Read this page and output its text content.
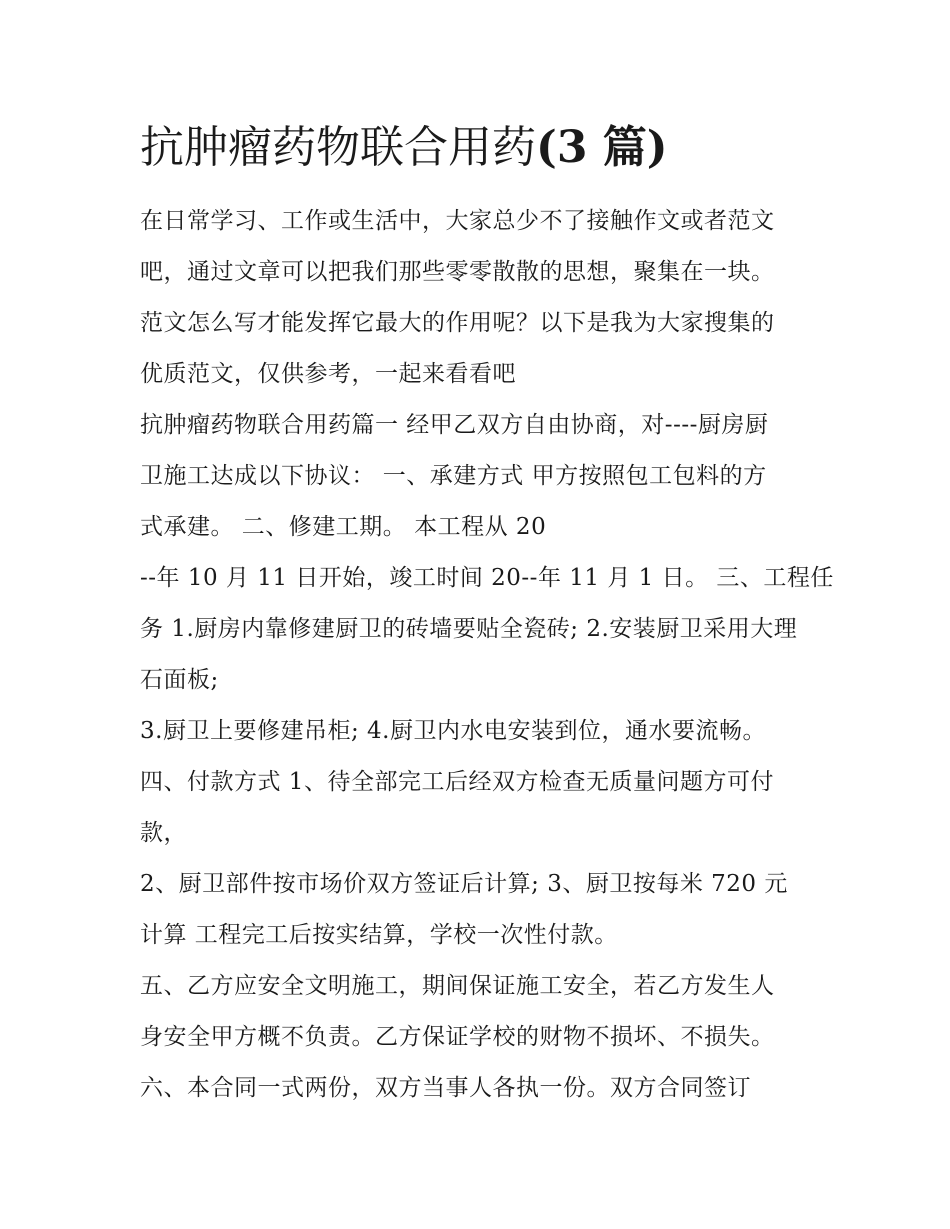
抗肿瘤药物联合用药(3 篇)

在日常学习、工作或生活中，大家总少不了接触作文或者范文

吧，通过文章可以把我们那些零零散散的思想，聚集在一块。

范文怎么写才能发挥它最大的作用呢？以下是我为大家搜集的

优质范文，仅供参考，一起来看看吧

抗肿瘤药物联合用药篇一 经甲乙双方自由协商，对----厨房厨

卫施工达成以下协议： 一、承建方式 甲方按照包工包料的方

式承建。 二、修建工期。 本工程从 20

--年 10 月 11 日开始，竣工时间 20--年 11 月 1 日。 三、工程任

务 1.厨房内靠修建厨卫的砖墙要贴全瓷砖; 2.安装厨卫采用大理

石面板;

3.厨卫上要修建吊柜; 4.厨卫内水电安装到位，通水要流畅。

四、付款方式 1、待全部完工后经双方检查无质量问题方可付

款，

2、厨卫部件按市场价双方签证后计算; 3、厨卫按每米 720 元

计算 工程完工后按实结算，学校一次性付款。

五、乙方应安全文明施工，期间保证施工安全，若乙方发生人

身安全甲方概不负责。乙方保证学校的财物不损坏、不损失。

六、本合同一式两份，双方当事人各执一份。双方合同签订
